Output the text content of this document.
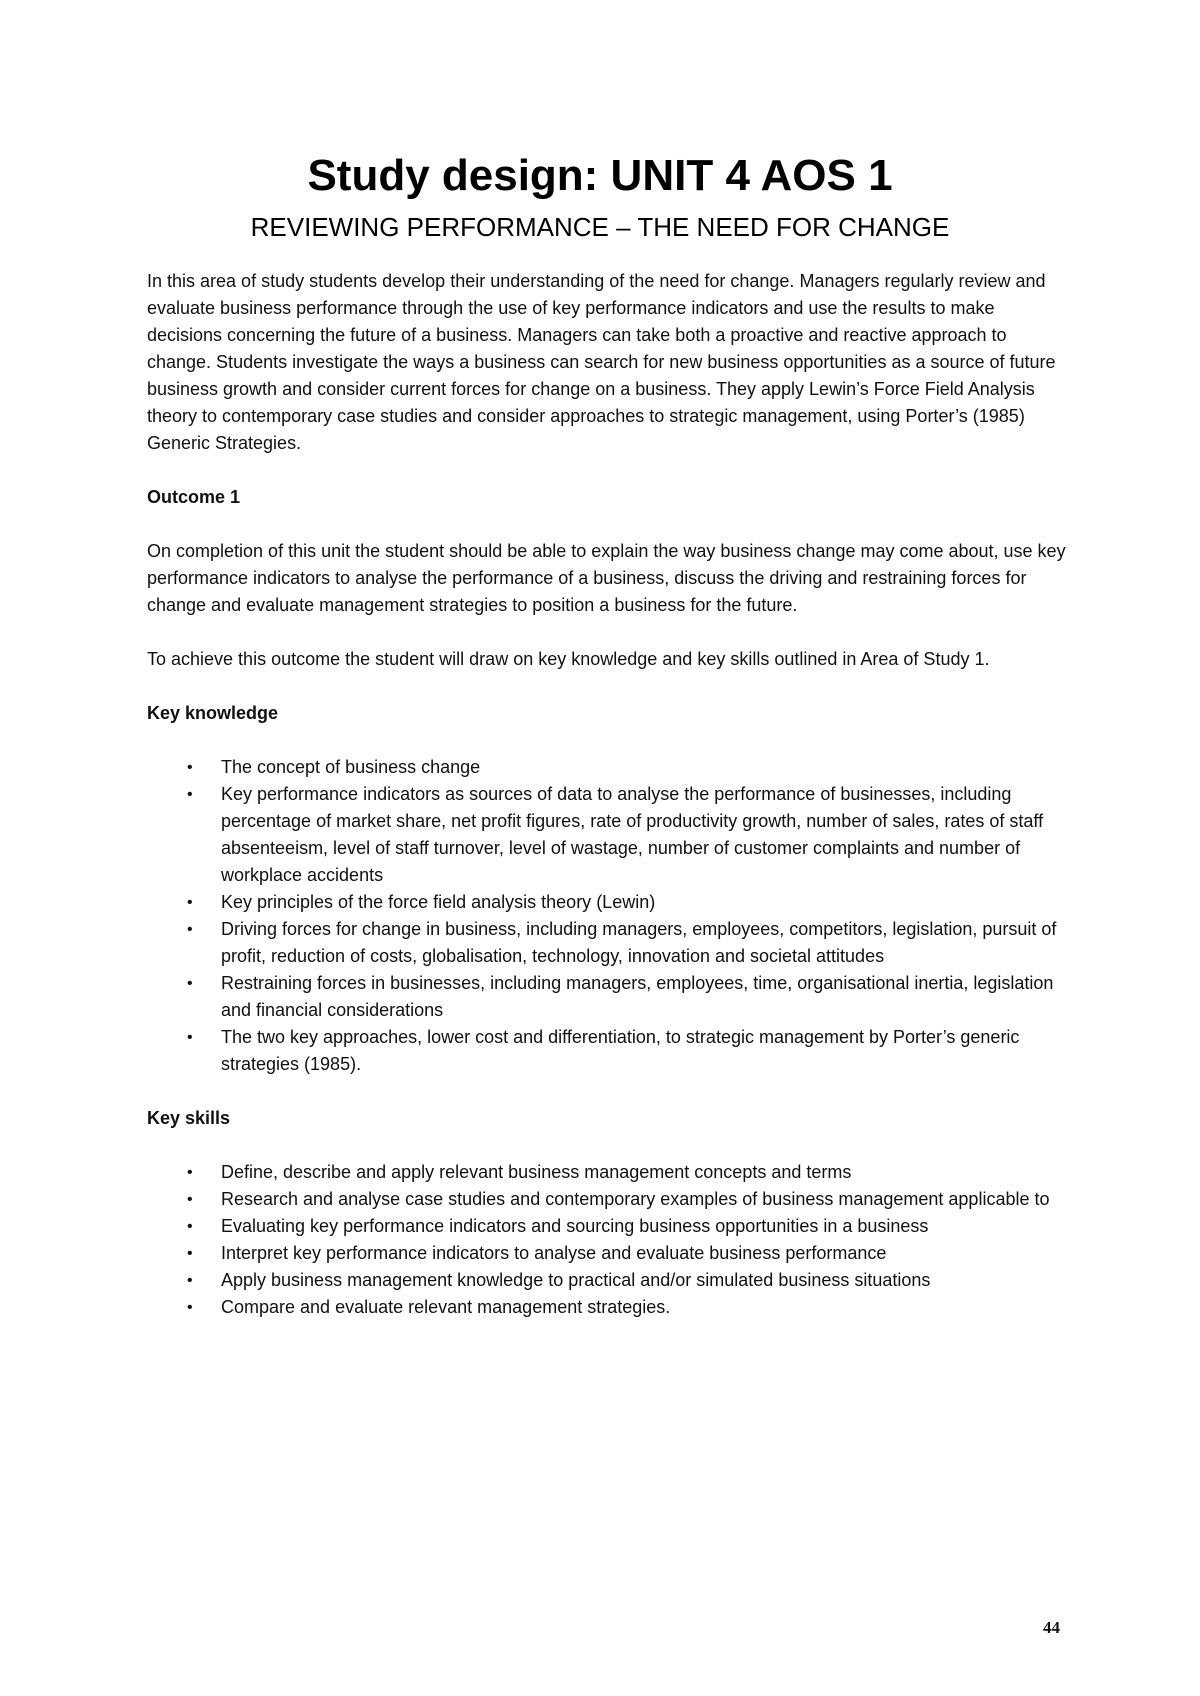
Study design: UNIT 4 AOS 1
REVIEWING PERFORMANCE – THE NEED FOR CHANGE

In this area of study students develop their understanding of the need for change. Managers regularly review and evaluate business performance through the use of key performance indicators and use the results to make decisions concerning the future of a business. Managers can take both a proactive and reactive approach to change. Students investigate the ways a business can search for new business opportunities as a source of future business growth and consider current forces for change on a business. They apply Lewin’s Force Field Analysis theory to contemporary case studies and consider approaches to strategic management, using Porter’s (1985) Generic Strategies.

Outcome 1

On completion of this unit the student should be able to explain the way business change may come about, use key performance indicators to analyse the performance of a business, discuss the driving and restraining forces for change and evaluate management strategies to position a business for the future.

To achieve this outcome the student will draw on key knowledge and key skills outlined in Area of Study 1.

Key knowledge
• The concept of business change
• Key performance indicators as sources of data to analyse the performance of businesses, including percentage of market share, net profit figures, rate of productivity growth, number of sales, rates of staff absenteeism, level of staff turnover, level of wastage, number of customer complaints and number of workplace accidents
• Key principles of the force field analysis theory (Lewin)
• Driving forces for change in business, including managers, employees, competitors, legislation, pursuit of profit, reduction of costs, globalisation, technology, innovation and societal attitudes
• Restraining forces in businesses, including managers, employees, time, organisational inertia, legislation and financial considerations
• The two key approaches, lower cost and differentiation, to strategic management by Porter’s generic strategies (1985).
Key skills
• Define, describe and apply relevant business management concepts and terms
• Research and analyse case studies and contemporary examples of business management applicable to
• Evaluating key performance indicators and sourcing business opportunities in a business
• Interpret key performance indicators to analyse and evaluate business performance
• Apply business management knowledge to practical and/or simulated business situations
• Compare and evaluate relevant management strategies.
44
